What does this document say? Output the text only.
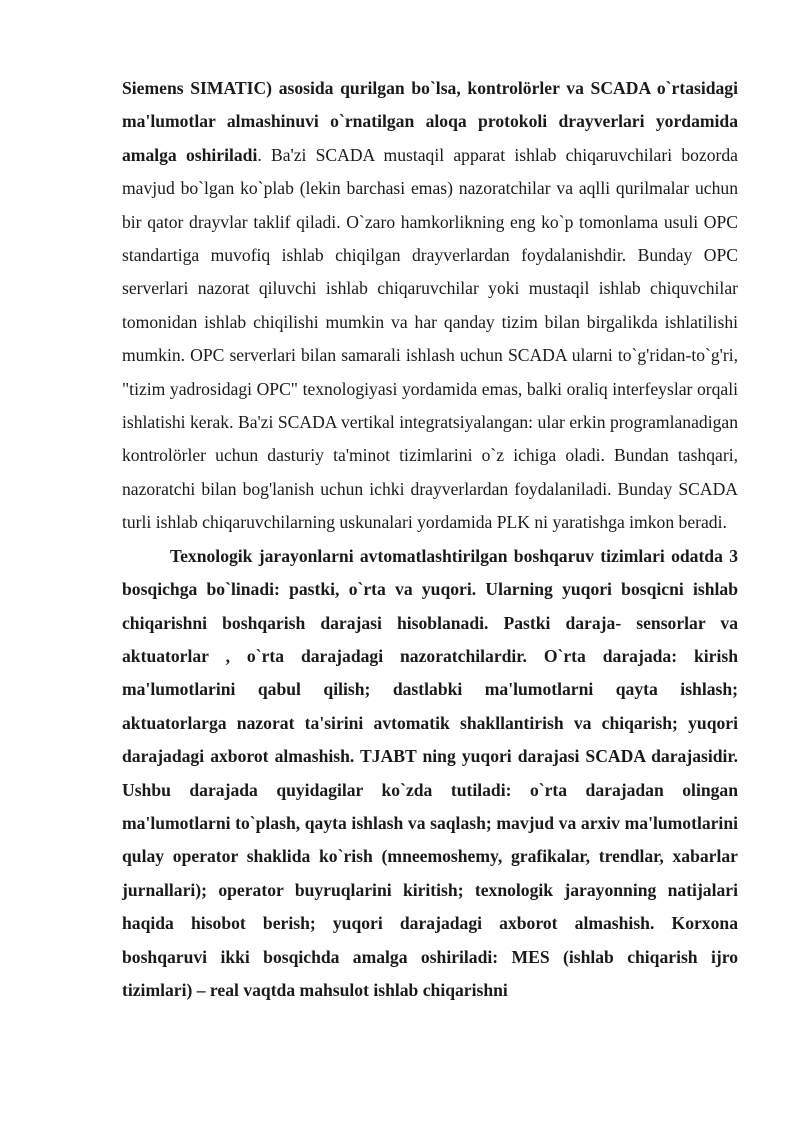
Siemens SIMATIC) asosida qurilgan bo`lsa, kontrolörler va SCADA o`rtasidagi ma'lumotlar almashinuvi o`rnatilgan aloqa protokoli drayverlari yordamida amalga oshiriladi. Ba'zi SCADA mustaqil apparat ishlab chiqaruvchilari bozorda mavjud bo`lgan ko`plab (lekin barchasi emas) nazoratchilar va aqlli qurilmalar uchun bir qator drayvlar taklif qiladi. O`zaro hamkorlikning eng ko`p tomonlama usuli OPC standartiga muvofiq ishlab chiqilgan drayverlardan foydalanishdir. Bunday OPC serverlari nazorat qiluvchi ishlab chiqaruvchilar yoki mustaqil ishlab chiquvchilar tomonidan ishlab chiqilishi mumkin va har qanday tizim bilan birgalikda ishlatilishi mumkin. OPC serverlari bilan samarali ishlash uchun SCADA ularni to`g'ridan-to`g'ri, "tizim yadrosidagi OPC" texnologiyasi yordamida emas, balki oraliq interfeyslar orqali ishlatishi kerak. Ba'zi SCADA vertikal integratsiyalangan: ular erkin programlanadigan kontrolörler uchun dasturiy ta'minot tizimlarini o`z ichiga oladi. Bundan tashqari, nazoratchi bilan bog'lanish uchun ichki drayverlardan foydalaniladi. Bunday SCADA turli ishlab chiqaruvchilarning uskunalari yordamida PLK ni yaratishga imkon beradi.

Texnologik jarayonlarni avtomatlashtirilgan boshqaruv tizimlari odatda 3 bosqichga bo`linadi: pastki, o`rta va yuqori. Ularning yuqori bosqicni ishlab chiqarishni boshqarish darajasi hisoblanadi. Pastki daraja- sensorlar va aktuatorlar , o`rta darajadagi nazoratchilardir. O`rta darajada: kirish ma'lumotlarini qabul qilish; dastlabki ma'lumotlarni qayta ishlash; aktuatorlarga nazorat ta'sirini avtomatik shakllantirish va chiqarish; yuqori darajadagi axborot almashish. TJABT ning yuqori darajasi SCADA darajasidir. Ushbu darajada quyidagilar ko`zda tutiladi: o`rta darajadan olingan ma'lumotlarni to`plash, qayta ishlash va saqlash; mavjud va arxiv ma'lumotlarini qulay operator shaklida ko`rish (mneemoshemy, grafikalar, trendlar, xabarlar jurnallari); operator buyruqlarini kiritish; texnologik jarayonning natijalari haqida hisobot berish; yuqori darajadagi axborot almashish. Korxona boshqaruvi ikki bosqichda amalga oshiriladi: MES (ishlab chiqarish ijro tizimlari) – real vaqtda mahsulot ishlab chiqarishni
